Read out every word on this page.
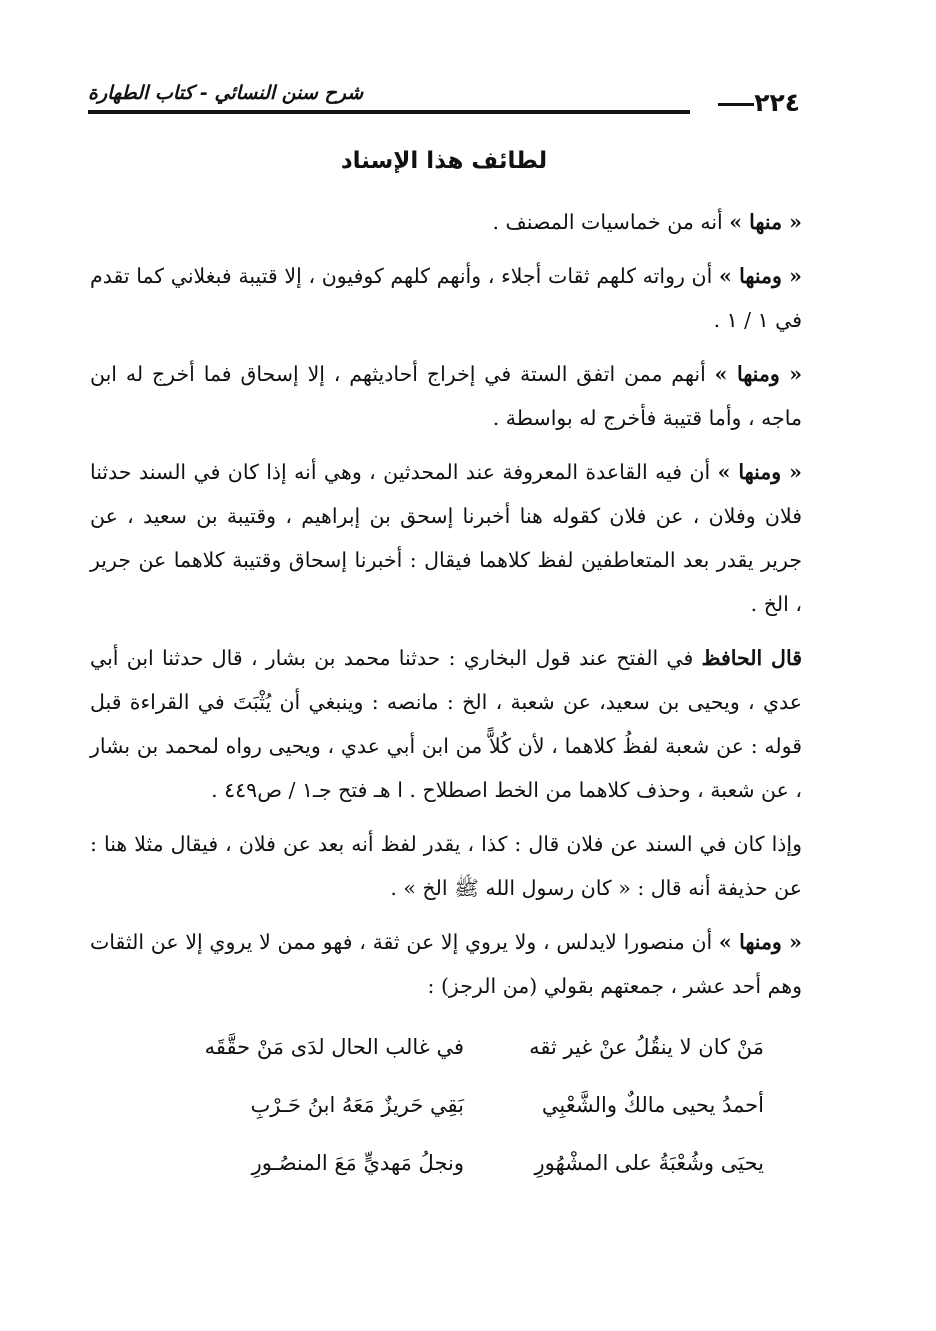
٢٢٤
شرح سنن النسائي - كتاب الطهارة
لطائف هذا الإسناد

« منها » أنه من خماسيات المصنف .

« ومنها » أن رواته كلهم ثقات أجلاء ، وأنهم كلهم كوفيون ، إلا قتيبة فبغلاني كما تقدم في ١ / ١ .

« ومنها » أنهم ممن اتفق الستة في إخراج أحاديثهم ، إلا إسحاق فما أخرج له ابن ماجه ، وأما قتيبة فأخرج له بواسطة .

« ومنها » أن فيه القاعدة المعروفة عند المحدثين ، وهي أنه إذا كان في السند حدثنا فلان وفلان ، عن فلان كقوله هنا أخبرنا إسحق بن إبراهيم ، وقتيبة بن سعيد ، عن جرير يقدر بعد المتعاطفين لفظ كلاهما فيقال : أخبرنا إسحاق وقتيبة كلاهما عن جرير ، الخ .

قال الحافظ في الفتح عند قول البخاري : حدثنا محمد بن بشار ، قال حدثنا ابن أبي عدي ، ويحيى بن سعيد، عن شعبة ، الخ : مانصه : وينبغي أن يُثْبَتَ في القراءة قبل قوله : عن شعبة لفظُ كلاهما ، لأن كُلاًّ من ابن أبي عدي ، ويحيى رواه لمحمد بن بشار ، عن شعبة ، وحذف كلاهما من الخط اصطلاح . ا هـ فتح جـ١ / ص٤٤٩ .

وإذا كان في السند عن فلان قال : كذا ، يقدر لفظ أنه بعد عن فلان ، فيقال مثلا هنا : عن حذيفة أنه قال : « كان رسول الله ﷺ الخ » .

« ومنها » أن منصورا لايدلس ، ولا يروي إلا عن ثقة ، فهو ممن لا يروي إلا عن الثقات وهم أحد عشر ، جمعتهم بقولي (من الرجز) :

مَنْ كان لا ينقُلُ عنْ غير ثقه
في غالب الحال لدَى مَنْ حقَّقَه
أحمدُ يحيى مالكٌ والشَّعْبِي
بَقِي حَريزٌ مَعَهُ ابنُ حَـرْبِ
يحيَى وشُعْبَةُ على المشْهُورِ
ونجلُ مَهديٍّ مَعَ المنصُـورِ
